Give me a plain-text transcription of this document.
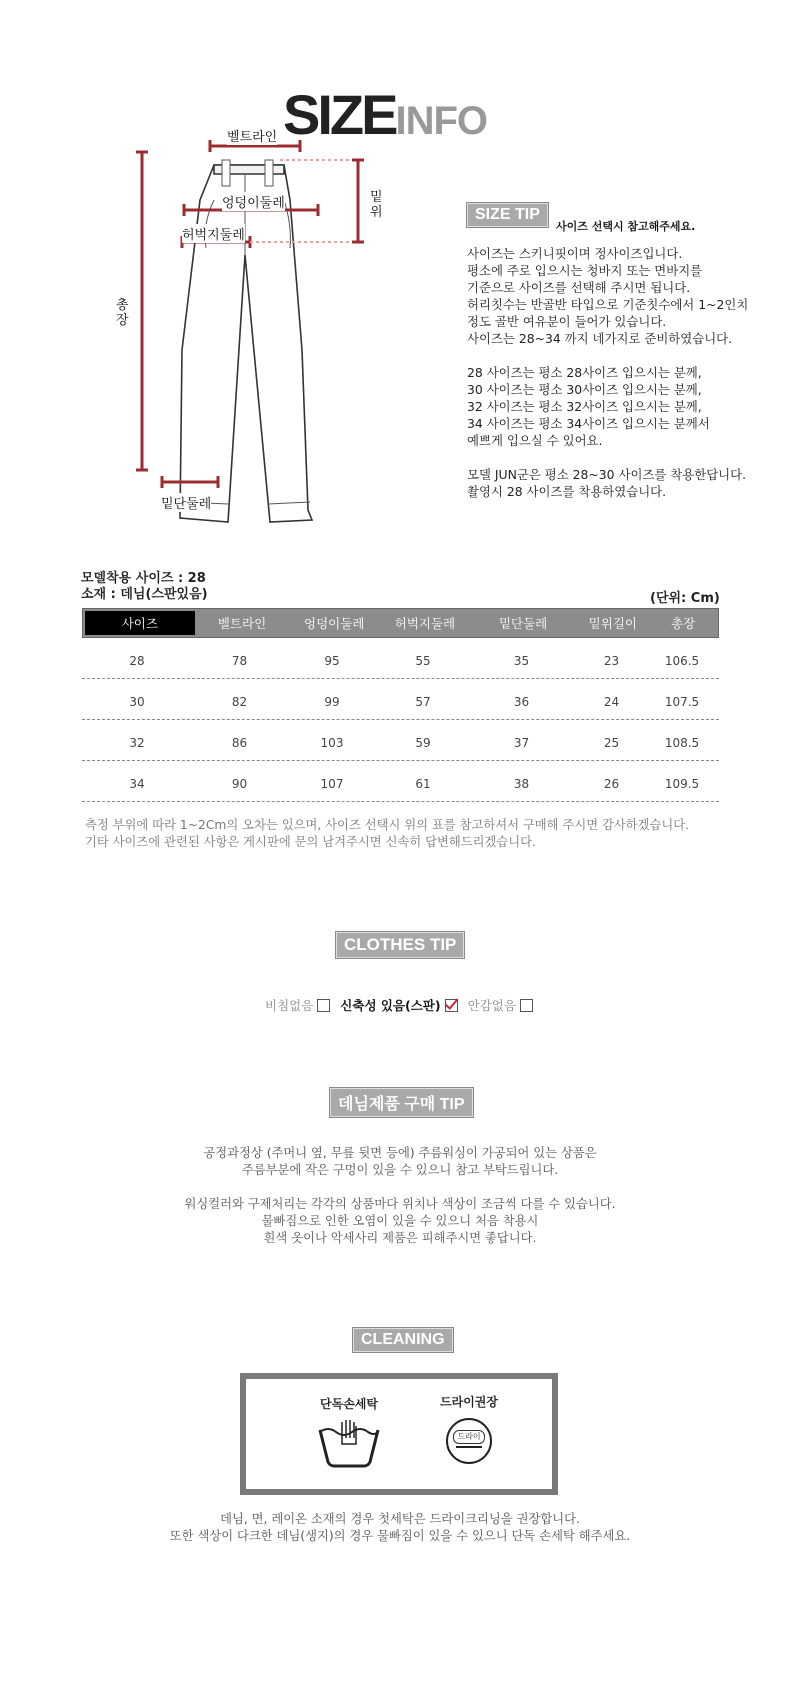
SIZEINFO
벨트라인
엉덩이둘레
허벅지둘레
밑위
총장
밑단둘레
SIZE TIP
사이즈 선택시 참고해주세요.

사이즈는 스키니핏이며 정사이즈입니다.
평소에 주로 입으시는 청바지 또는 면바지를
기준으로 사이즈를 선택해 주시면 됩니다.
허리칫수는 반골반 타입으로 기준칫수에서 1~2인치
정도 골반 여유분이 들어가 있습니다.
사이즈는 28~34 까지 네가지로 준비하였습니다.

28 사이즈는 평소 28사이즈 입으시는 분께,
30 사이즈는 평소 30사이즈 입으시는 분께,
32 사이즈는 평소 32사이즈 입으시는 분께,
34 사이즈는 평소 34사이즈 입으시는 분께서
예쁘게 입으실 수 있어요.

모델 JUN군은 평소 28~30 사이즈를 착용한답니다.
촬영시 28 사이즈를 착용하였습니다.

모델착용 사이즈 : 28
소재 : 데님(스판있음)	(단위: Cm)
사이즈	벨트라인	엉덩이둘레	허벅지둘레	밑단둘레	밑위길이	총장
28	78	95	55	35	23	106.5
30	82	99	57	36	24	107.5
32	86	103	59	37	25	108.5
34	90	107	61	38	26	109.5
측정 부위에 따라 1~2Cm의 오차는 있으며, 사이즈 선택시 위의 표를 참고하셔서 구매해 주시면 감사하겠습니다.
기타 사이즈에 관련된 사항은 게시판에 문의 남겨주시면 신속히 답변해드리겠습니다.
CLOTHES TIP
비침없음 신축성 있음(스판) 안감없음
데님제품 구매 TIP

공정과정상 (주머니 옆, 무릎 뒷면 등에) 주름워싱이 가공되어 있는 상품은
주름부분에 작은 구멍이 있을 수 있으니 참고 부탁드립니다.

워싱컬러와 구제처리는 각각의 상품마다 위치나 색상이 조금씩 다를 수 있습니다.
물빠짐으로 인한 오염이 있을 수 있으니 처음 착용시
흰색 옷이나 악세사리 제품은 피해주시면 좋답니다.

CLEANING
단독손세탁	드라이권장
드라이
데님, 면, 레이온 소재의 경우 첫세탁은 드라이크리닝을 권장합니다.
또한 색상이 다크한 데님(생지)의 경우 물빠짐이 있을 수 있으니 단독 손세탁 해주세요.
